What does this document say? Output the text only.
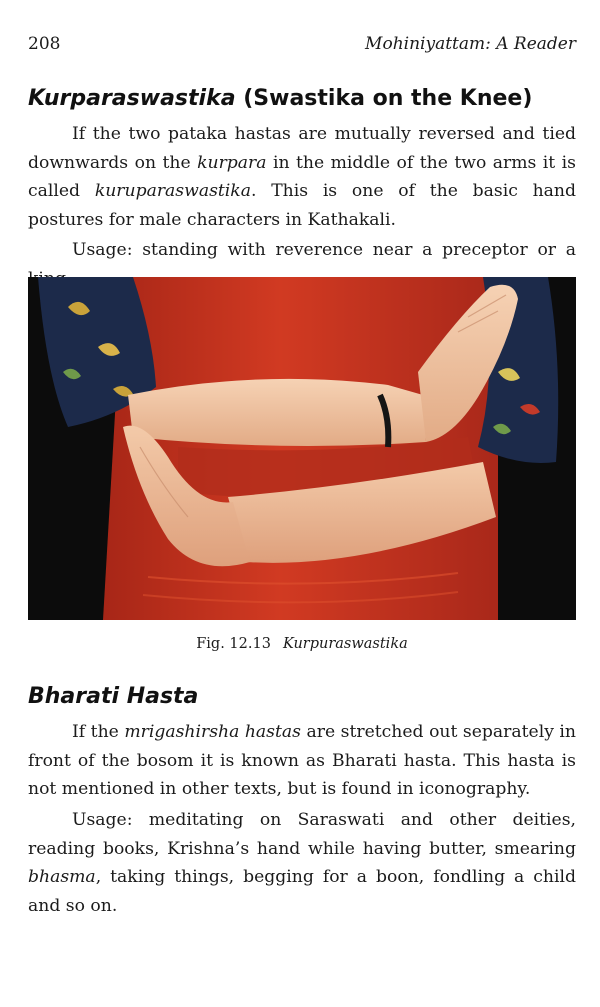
208	Mohiniyattam: A Reader
Kurparaswastika (Swastika on the Knee)

If the two pataka hastas are mutually reversed and tied downwards on the kurpara in the middle of the two arms it is called kuruparaswastika. This is one of the basic hand postures for male characters in Kathakali.

Usage: standing with reverence near a preceptor or a

Fig. 12.13 Kurpuraswastika

Bharati Hasta

If the mrigashirsha hastas are stretched out separately in front of the bosom it is known as Bharati hasta. This hasta is not mentioned in other texts, but is found in iconography.

Usage: meditating on Saraswati and other deities, reading books, Krishna’s hand while having butter, smearing bhasma, taking things, begging for a boon, fondling a child and so on.
